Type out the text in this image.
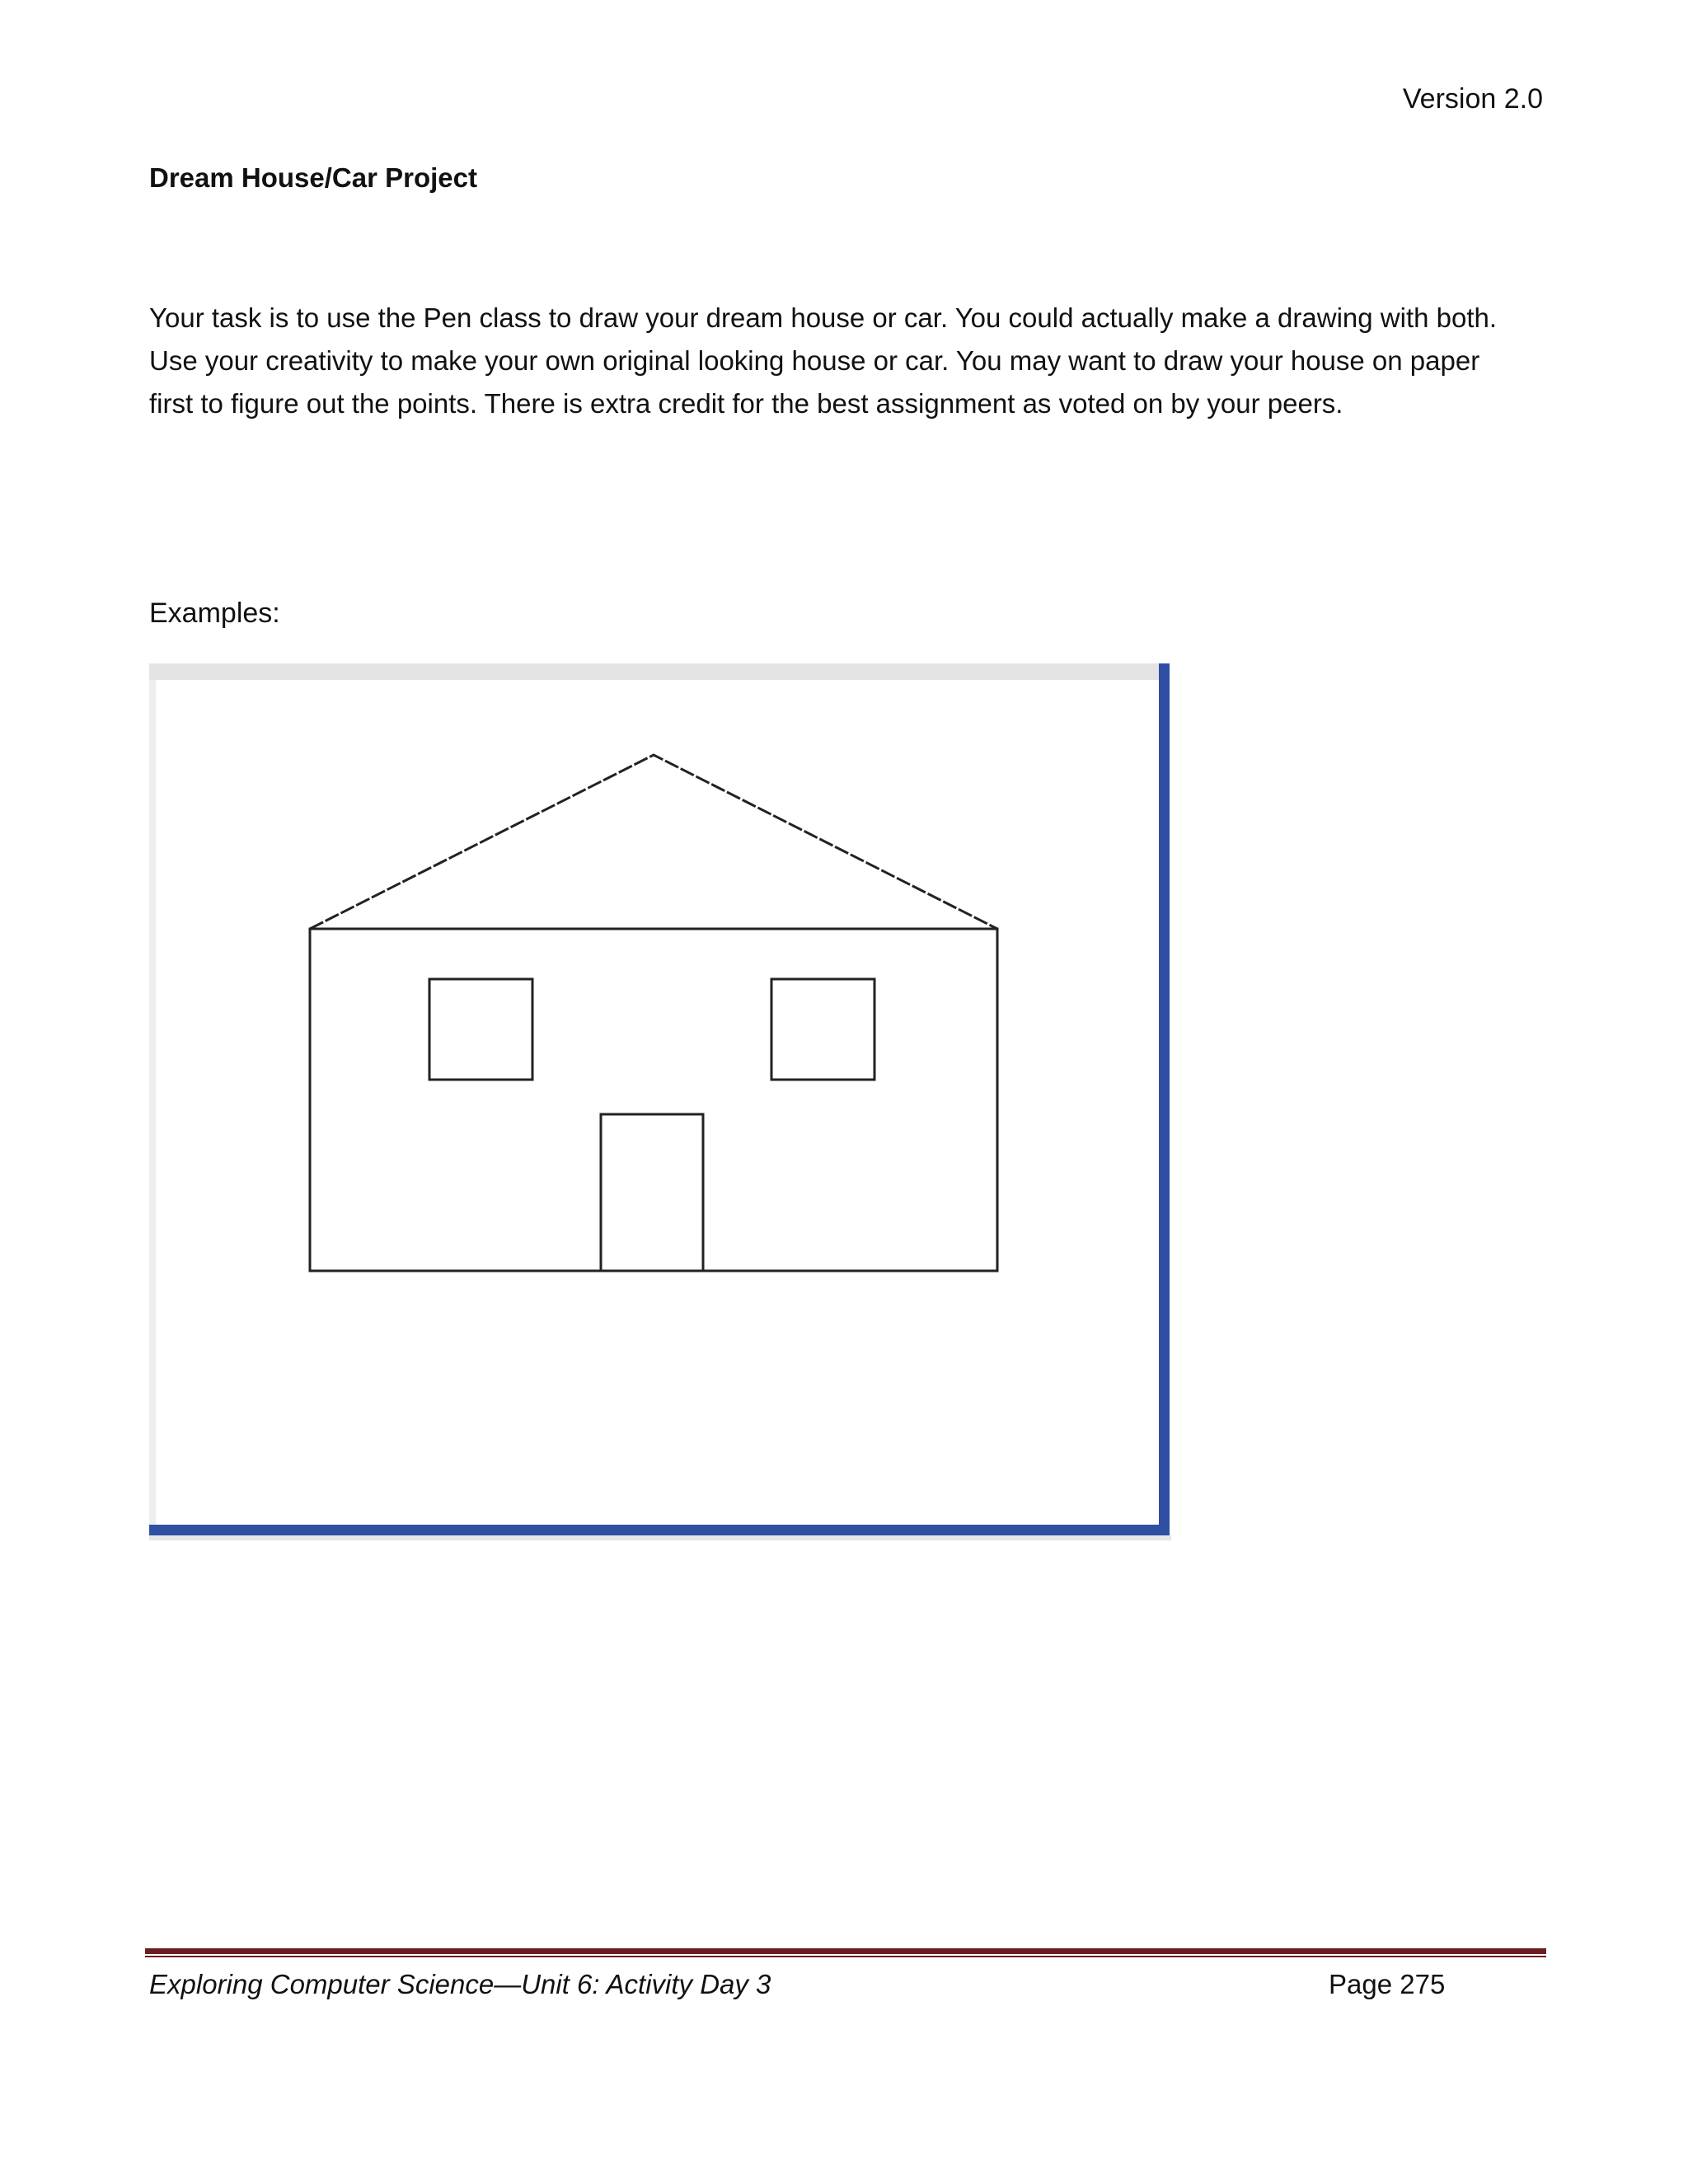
Version 2.0
Dream House/Car Project
Your task is to use the Pen class to draw your dream house or car. You could actually make a drawing with both.
Use your creativity to make your own original looking house or car. You may want to draw your house on paper
first to figure out the points. There is extra credit for the best assignment as voted on by your peers.
Examples:
Exploring Computer Science—Unit 6: Activity Day 3	Page 275
